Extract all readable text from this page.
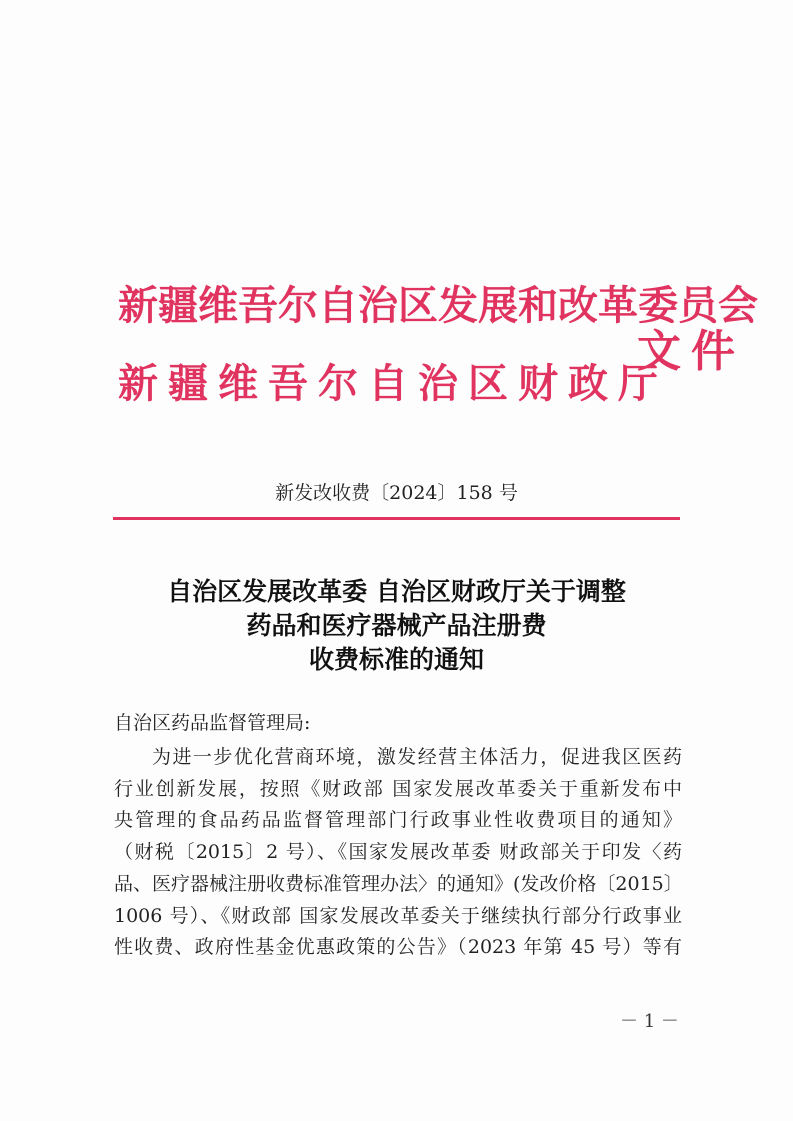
新疆维吾尔自治区发展和改革委员会
新疆维吾尔自治区财政厅
文件
新发改收费〔2024〕158 号
自治区发展改革委 自治区财政厅关于调整
药品和医疗器械产品注册费
收费标准的通知
自治区药品监督管理局:
为进一步优化营商环境，激发经营主体活力，促进我区医药
行业创新发展，按照《财政部 国家发展改革委关于重新发布中
央管理的食品药品监督管理部门行政事业性收费项目的通知》
（财税〔2015〕2 号）、《国家发展改革委 财政部关于印发〈药
品、医疗器械注册收费标准管理办法〉的通知》(发改价格〔2015〕
1006 号）、《财政部 国家发展改革委关于继续执行部分行政事业
性收费、政府性基金优惠政策的公告》（2023 年第 45 号）等有
－ 1 －
